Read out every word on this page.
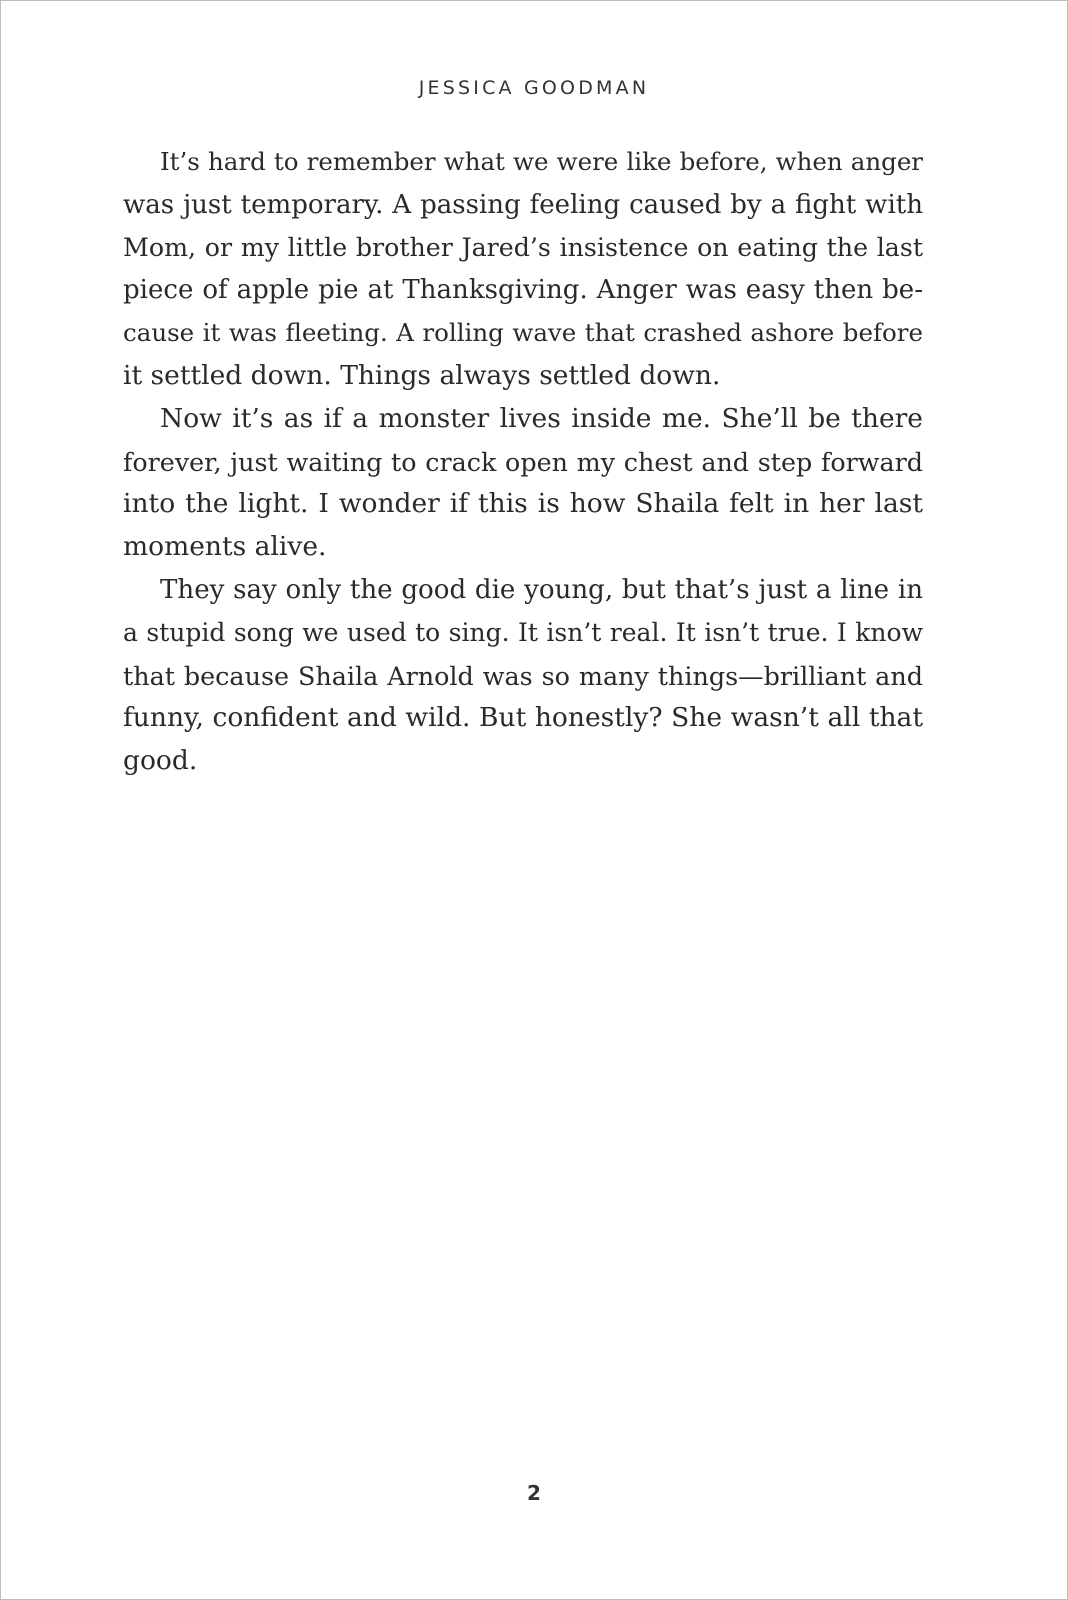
JESSICA GOODMAN

It’s hard to remember what we were like before, when anger
was just temporary. A passing feeling caused by a fight with
Mom, or my little brother Jared’s insistence on eating the last
piece of apple pie at Thanksgiving. Anger was easy then be-
cause it was fleeting. A rolling wave that crashed ashore before
it settled down. Things always settled down.

Now it’s as if a monster lives inside me. She’ll be there
forever, just waiting to crack open my chest and step forward
into the light. I wonder if this is how Shaila felt in her last
moments alive.

They say only the good die young, but that’s just a line in
a stupid song we used to sing. It isn’t real. It isn’t true. I know
that because Shaila Arnold was so many things—brilliant and
funny, confident and wild. But honestly? She wasn’t all that
good.

2
